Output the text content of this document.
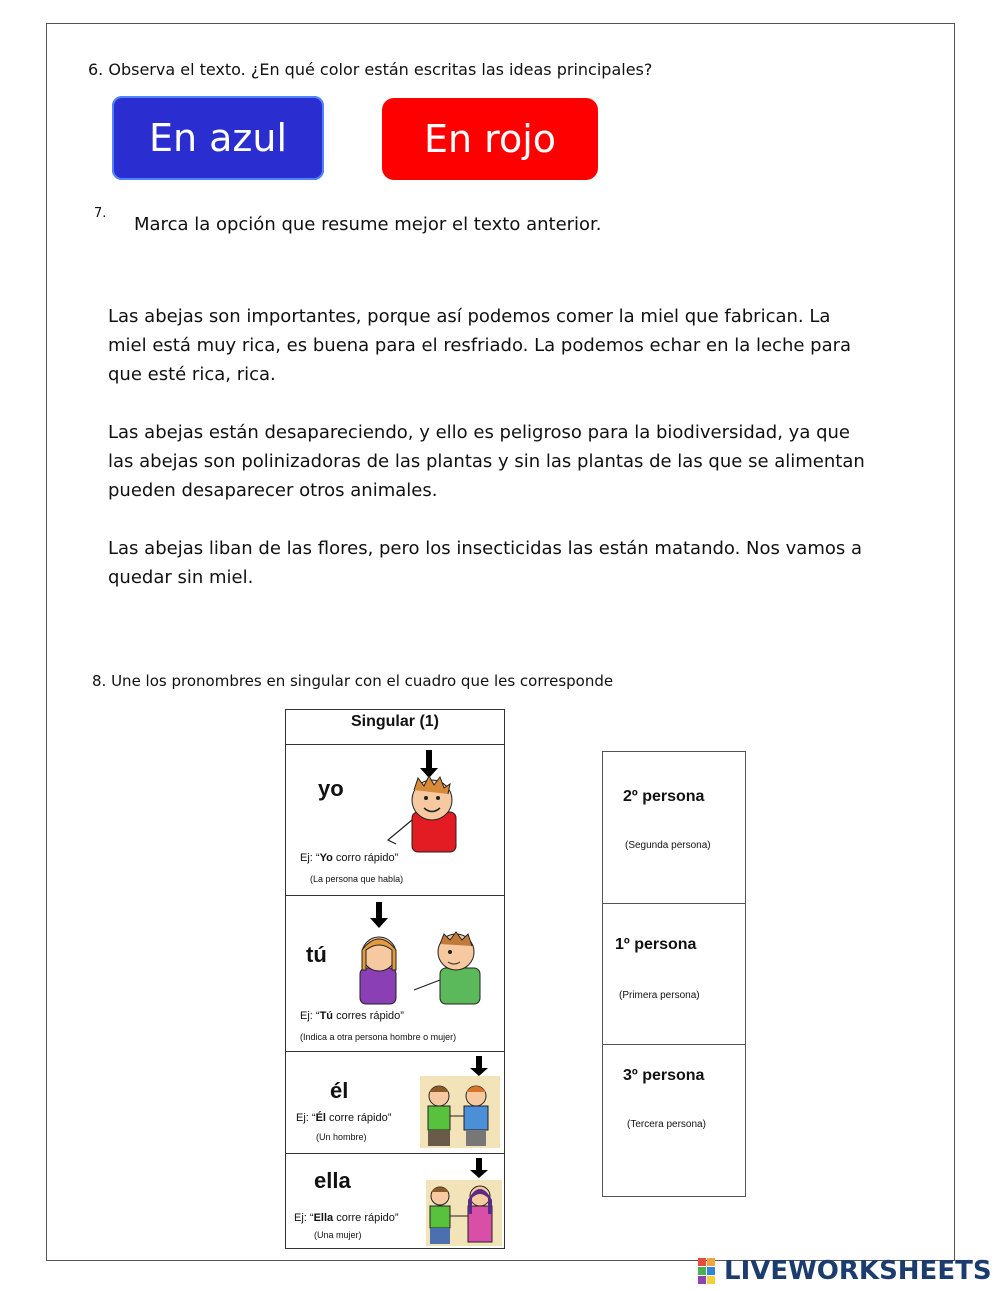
6. Observa el texto. ¿En qué color están escritas las ideas principales?
En azul	En rojo
7.
Marca la opción que resume mejor el texto anterior.
Las abejas son importantes, porque así podemos comer la miel que fabrican. La miel está muy rica, es buena para el resfriado. La podemos echar en la leche para que esté rica, rica.
Las abejas están desapareciendo, y ello es peligroso para la biodiversidad, ya que las abejas son polinizadoras de las plantas y sin las plantas de las que se alimentan pueden desaparecer otros animales.
Las abejas liban de las flores, pero los insecticidas las están matando. Nos vamos a quedar sin miel.
8. Une los pronombres en singular con el cuadro que les corresponde
Singular (1)
yo
Ej: “Yo corro rápido”
(La persona que habla)
tú
Ej: “Tú corres rápido”
(Indica a otra persona hombre o mujer)
él
Ej: “Él corre rápido”
(Un hombre)
ella
Ej: “Ella corre rápido”
(Una mujer)
2º persona
(Segunda persona)
1º persona
(Primera persona)
3º persona
(Tercera persona)
LIVEWORKSHEETS
